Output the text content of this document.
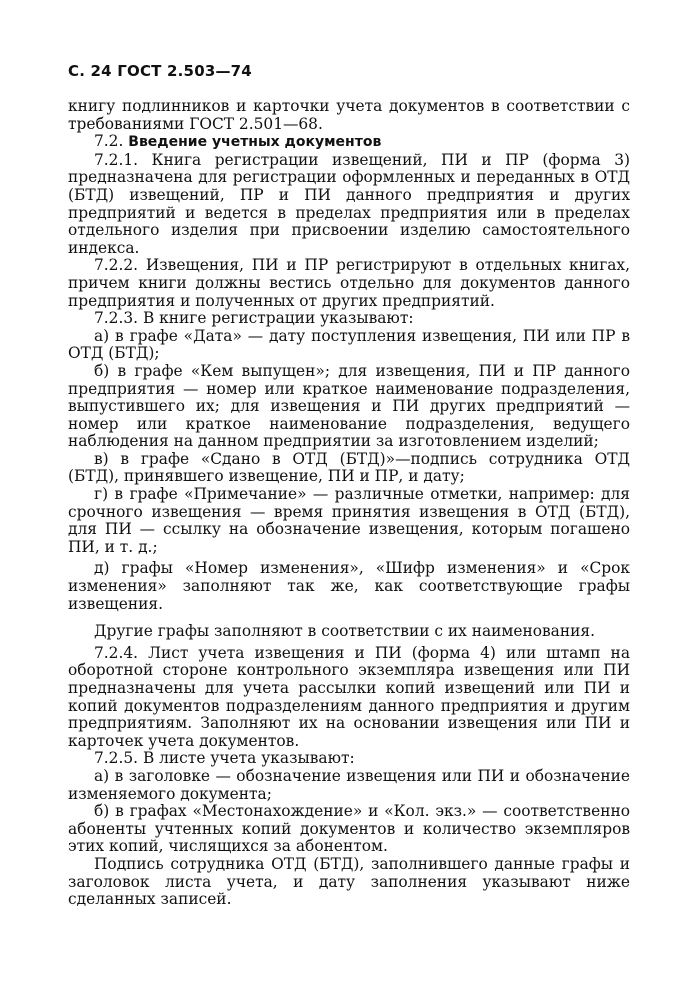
С. 24 ГОСТ 2.503—74

книгу подлинников и карточки учета документов в соответствии с требованиями ГОСТ 2.501—68.

7.2. Введение учетных документов

7.2.1. Книга регистрации извещений, ПИ и ПР (форма 3) предназначена для регистрации оформленных и переданных в ОТД (БТД) извещений, ПР и ПИ данного предприятия и других предприятий и ведется в пределах предприятия или в пределах отдельного изделия при присвоении изделию самостоятельного индекса.

7.2.2. Извещения, ПИ и ПР регистрируют в отдельных книгах, причем книги должны вестись отдельно для документов данного предприятия и полученных от других предприятий.

7.2.3. В книге регистрации указывают:

а) в графе «Дата» — дату поступления извещения, ПИ или ПР в ОТД (БТД);

б) в графе «Кем выпущен»; для извещения, ПИ и ПР данного предприятия — номер или краткое наименование подразделения, выпустившего их; для извещения и ПИ других предприятий — номер или краткое наименование подразделения, ведущего наблюдения на данном предприятии за изготовлением изделий;

в) в графе «Сдано в ОТД (БТД)»—подпись сотрудника ОТД (БТД), принявшего извещение, ПИ и ПР, и дату;

г) в графе «Примечание» — различные отметки, например: для срочного извещения — время принятия извещения в ОТД (БТД), для ПИ — ссылку на обозначение извещения, которым погашено ПИ, и т. д.;

д) графы «Номер изменения», «Шифр изменения» и «Срок изменения» заполняют так же, как соответствующие графы извещения.

Другие графы заполняют в соответствии с их наименования.

7.2.4. Лист учета извещения и ПИ (форма 4) или штамп на оборотной стороне контрольного экземпляра извещения или ПИ предназначены для учета рассылки копий извещений или ПИ и копий документов подразделениям данного предприятия и другим предприятиям. Заполняют их на основании извещения или ПИ и карточек учета документов.

7.2.5. В листе учета указывают:

а) в заголовке — обозначение извещения или ПИ и обозначение изменяемого документа;

б) в графах «Местонахождение» и «Кол. экз.» — соответственно абоненты учтенных копий документов и количество экземпляров этих копий, числящихся за абонентом.

Подпись сотрудника ОТД (БТД), заполнившего данные графы и заголовок листа учета, и дату заполнения указывают ниже сделанных записей.
